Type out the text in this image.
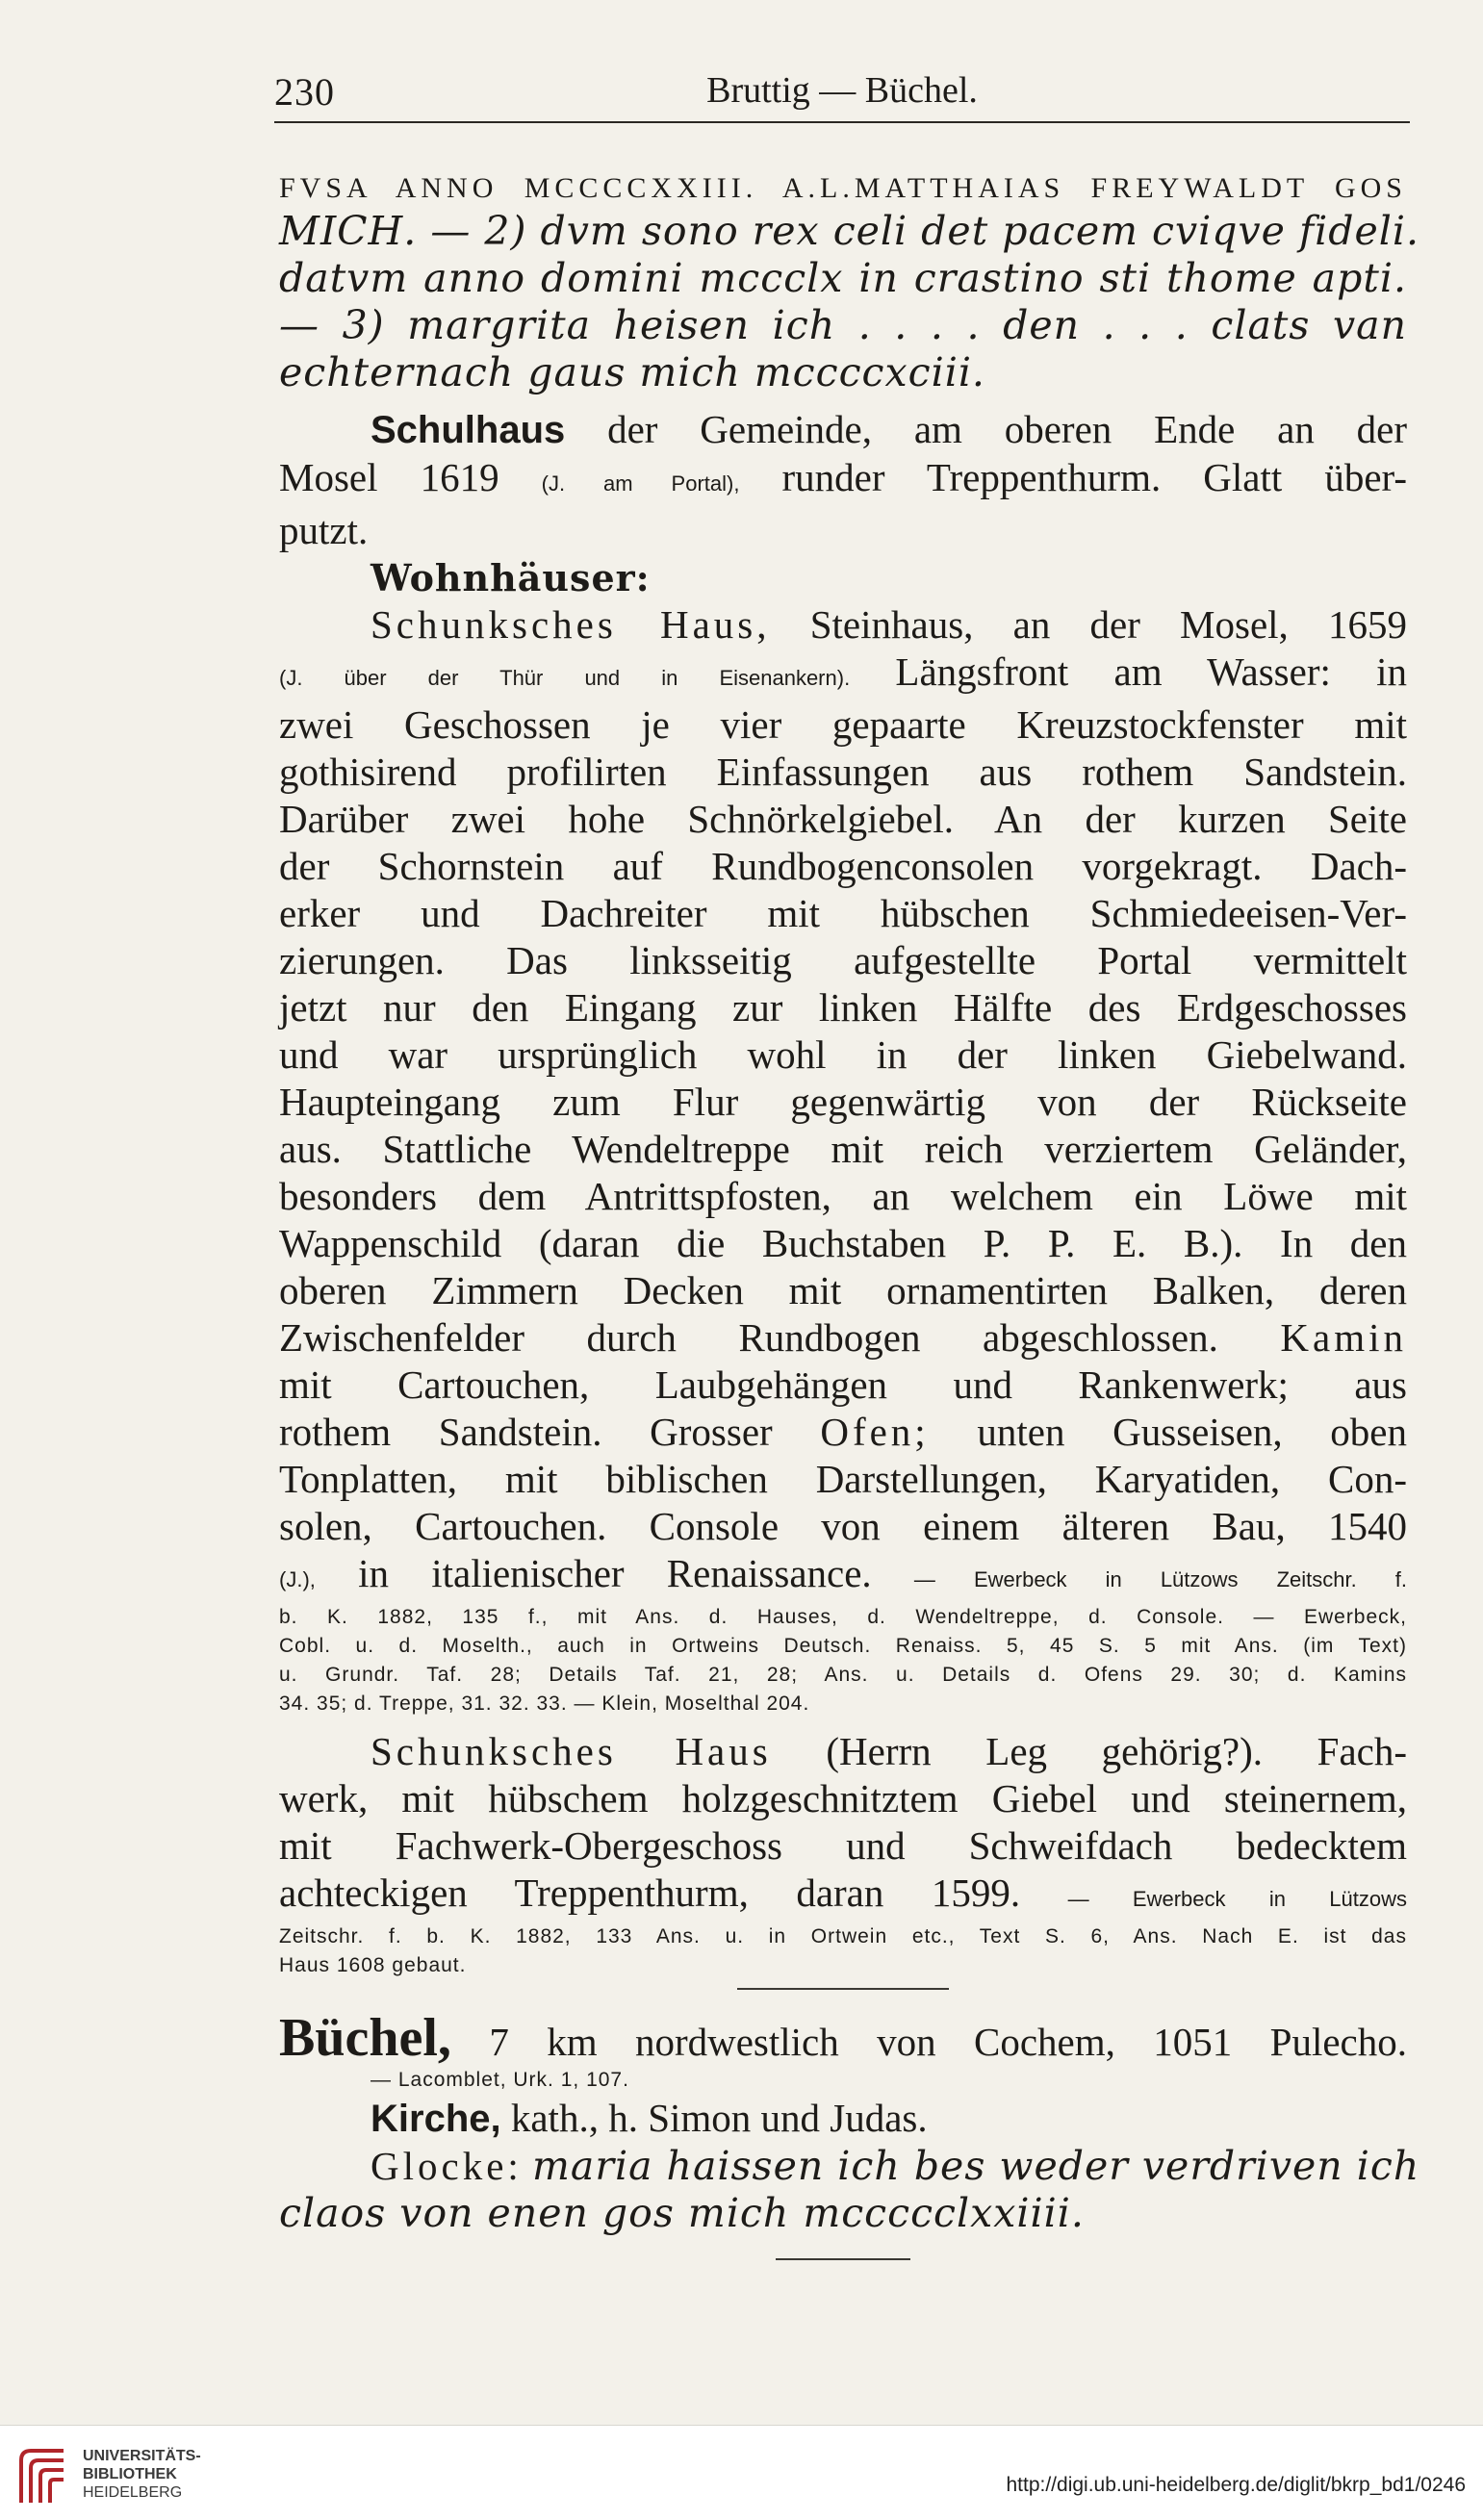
230	Bruttig — Büchel.
FVSA ANNO MCCCCXXIII. A.L.MATTHAIAS FREYWALDT GOS
MICH. — 2) dvm sono rex celi det pacem cviqve fideli.
datvm anno domini mccclx in crastino sti thome apti.
— 3) margrita heisen ich . . . . den . . . clats van
echternach gaus mich mccccxciii.
Schulhaus der Gemeinde, am oberen Ende an der
Mosel 1619 (J. am Portal), runder Treppenthurm. Glatt über-
putzt.
Wohnhäuser:
Schunksches Haus, Steinhaus, an der Mosel, 1659
(J. über der Thür und in Eisenankern). Längsfront am Wasser: in
zwei Geschossen je vier gepaarte Kreuzstockfenster mit
gothisirend profilirten Einfassungen aus rothem Sandstein.
Darüber zwei hohe Schnörkelgiebel. An der kurzen Seite
der Schornstein auf Rundbogenconsolen vorgekragt. Dach-
erker und Dachreiter mit hübschen Schmiedeeisen-Ver-
zierungen. Das linksseitig aufgestellte Portal vermittelt
jetzt nur den Eingang zur linken Hälfte des Erdgeschosses
und war ursprünglich wohl in der linken Giebelwand.
Haupteingang zum Flur gegenwärtig von der Rückseite
aus. Stattliche Wendeltreppe mit reich verziertem Geländer,
besonders dem Antrittspfosten, an welchem ein Löwe mit
Wappenschild (daran die Buchstaben P. P. E. B.). In den
oberen Zimmern Decken mit ornamentirten Balken, deren
Zwischenfelder durch Rundbogen abgeschlossen. Kamin
mit Cartouchen, Laubgehängen und Rankenwerk; aus
rothem Sandstein. Grosser Ofen; unten Gusseisen, oben
Tonplatten, mit biblischen Darstellungen, Karyatiden, Con-
solen, Cartouchen. Console von einem älteren Bau, 1540
(J.), in italienischer Renaissance. — Ewerbeck in Lützows Zeitschr. f.
b. K. 1882, 135 f., mit Ans. d. Hauses, d. Wendeltreppe, d. Console. — Ewerbeck,
Cobl. u. d. Moselth., auch in Ortweins Deutsch. Renaiss. 5, 45 S. 5 mit Ans. (im Text)
u. Grundr. Taf. 28; Details Taf. 21, 28; Ans. u. Details d. Ofens 29. 30; d. Kamins
34. 35; d. Treppe, 31. 32. 33. — Klein, Moselthal 204.
Schunksches Haus (Herrn Leg gehörig?). Fach-
werk, mit hübschem holzgeschnitztem Giebel und steinernem,
mit Fachwerk-Obergeschoss und Schweifdach bedecktem
achteckigen Treppenthurm, daran 1599. — Ewerbeck in Lützows
Zeitschr. f. b. K. 1882, 133 Ans. u. in Ortwein etc., Text S. 6, Ans. Nach E. ist das
Haus 1608 gebaut.
Büchel, 7 km nordwestlich von Cochem, 1051 Pulecho.
— Lacomblet, Urk. 1, 107.
Kirche, kath., h. Simon und Judas.
Glocke: maria haissen ich bes weder verdriven ich
claos von enen gos mich mccccclxxiiii.
UNIVERSITÄTS-
BIBLIOTHEK
HEIDELBERG	http://digi.ub.uni-heidelberg.de/diglit/bkrp_bd1/0246
